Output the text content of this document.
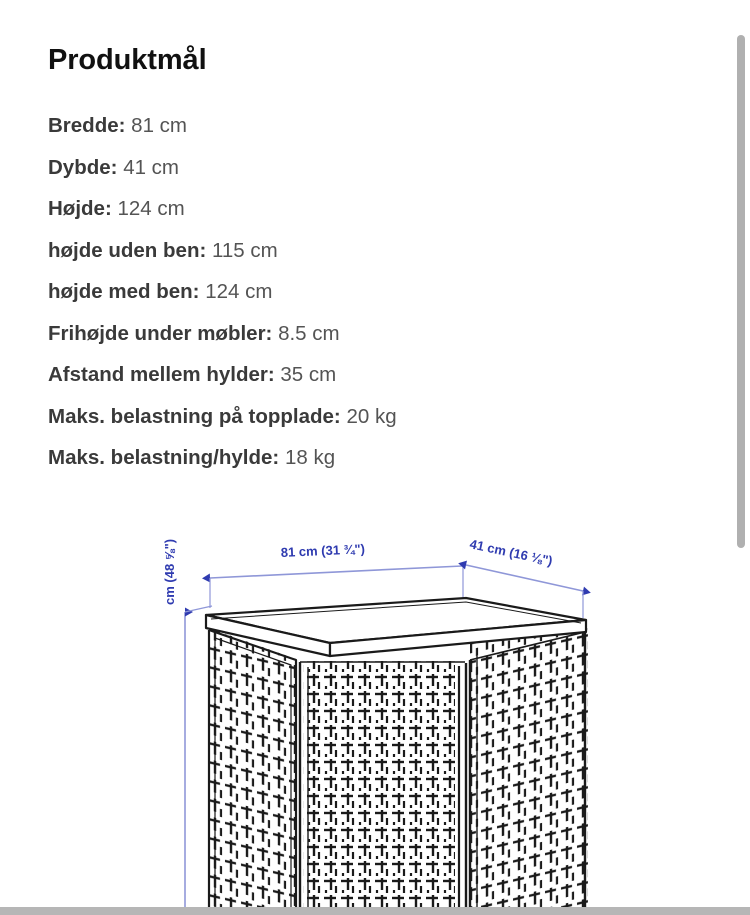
Produktmål
Bredde: 81 cm
Dybde: 41 cm
Højde: 124 cm
højde uden ben: 115 cm
højde med ben: 124 cm
Frihøjde under møbler: 8.5 cm
Afstand mellem hylder: 35 cm
Maks. belastning på topplade: 20 kg
Maks. belastning/hylde: 18 kg
81 cm (31 ¾")	41 cm (16 ⅛")
cm (48 ⅝")
